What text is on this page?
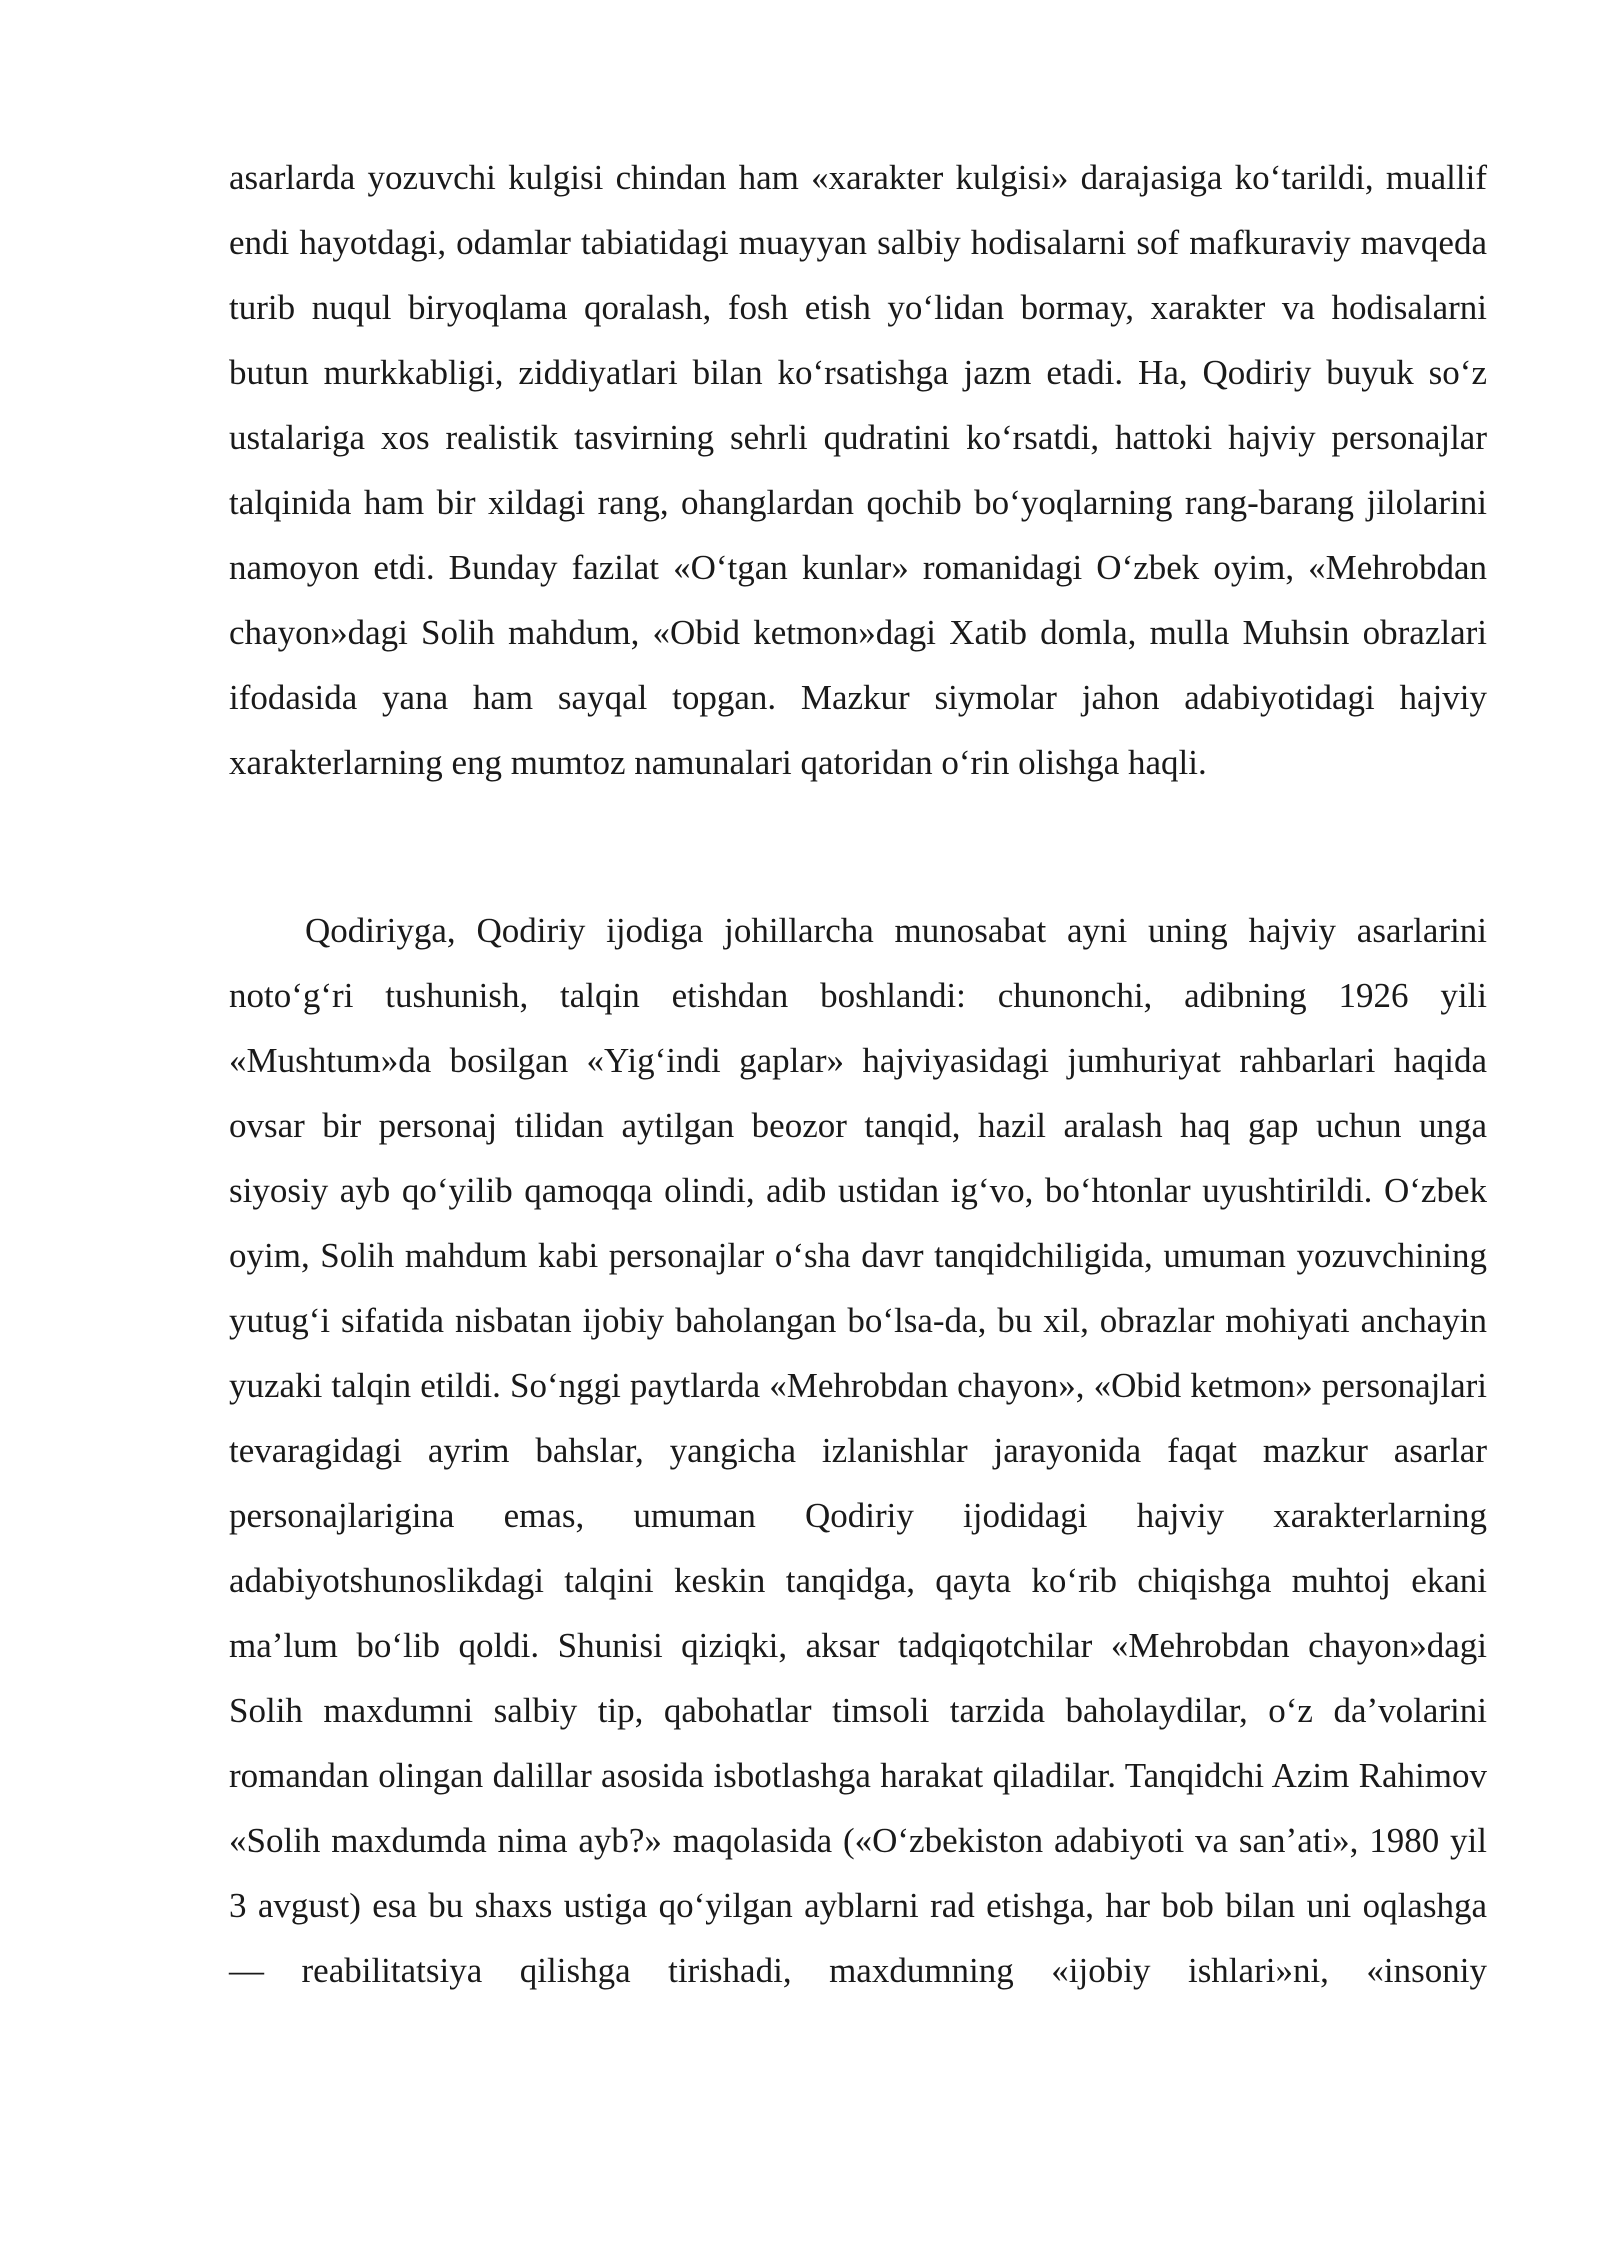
asarlarda yozuvchi kulgisi chindan ham «xarakter kulgisi» darajasiga koʻtarildi, muallif endi hayotdagi, odamlar tabiatidagi muayyan salbiy hodisalarni sof mafkuraviy mavqeda turib nuqul biryoqlama qoralash, fosh etish yoʻlidan bormay, xarakter va hodisalarni butun murkkabligi, ziddiyatlari bilan koʻrsatishga jazm etadi. Ha, Qodiriy buyuk soʻz ustalariga xos realistik tasvirning sehrli qudratini koʻrsatdi, hattoki hajviy personajlar talqinida ham bir xildagi rang, ohanglardan qochib boʻyoqlarning rang-barang jilolarini namoyon etdi. Bunday fazilat «Oʻtgan kunlar» romanidagi Oʻzbek oyim, «Mehrobdan chayon»dagi Solih mahdum, «Obid ketmon»dagi Xatib domla, mulla Muhsin obrazlari ifodasida yana ham sayqal topgan. Mazkur siymolar jahon adabiyotidagi hajviy xarakterlarning eng mumtoz namunalari qatoridan oʻrin olishga haqli.

Qodiriyga, Qodiriy ijodiga johillarcha munosabat ayni uning hajviy asarlarini notoʻgʻri tushunish, talqin etishdan boshlandi: chunonchi, adibning 1926 yili «Mushtum»da bosilgan «Yigʻindi gaplar» hajviyasidagi jumhuriyat rahbarlari haqida ovsar bir personaj tilidan aytilgan beozor tanqid, hazil aralash haq gap uchun unga siyosiy ayb qoʻyilib qamoqqa olindi, adib ustidan igʻvo, boʻhtonlar uyushtirildi. Oʻzbek oyim, Solih mahdum kabi personajlar oʻsha davr tanqidchiligida, umuman yozuvchining yutugʻi sifatida nisbatan ijobiy baholangan boʻlsa-da, bu xil, obrazlar mohiyati anchayin yuzaki talqin etildi. Soʻnggi paytlarda «Mehrobdan chayon», «Obid ketmon» personajlari tevaragidagi ayrim bahslar, yangicha izlanishlar jarayonida faqat mazkur asarlar personajlarigina emas, umuman Qodiriy ijodidagi hajviy xarakterlarning adabiyotshunoslikdagi talqini keskin tanqidga, qayta koʻrib chiqishga muhtoj ekani maʼlum boʻlib qoldi. Shunisi qiziqki, aksar tadqiqotchilar «Mehrobdan chayon»dagi Solih maxdumni salbiy tip, qabohatlar timsoli tarzida baholaydilar, oʻz daʼvolarini romandan olingan dalillar asosida isbotlashga harakat qiladilar. Tanqidchi Azim Rahimov «Solih maxdumda nima ayb?» maqolasida («Oʻzbekiston adabiyoti va sanʼati», 1980 yil 3 avgust) esa bu shaxs ustiga qoʻyilgan ayblarni rad etishga, har bob bilan uni oqlashga — reabilitatsiya qilishga tirishadi, maxdumning «ijobiy ishlari»ni, «insoniy
